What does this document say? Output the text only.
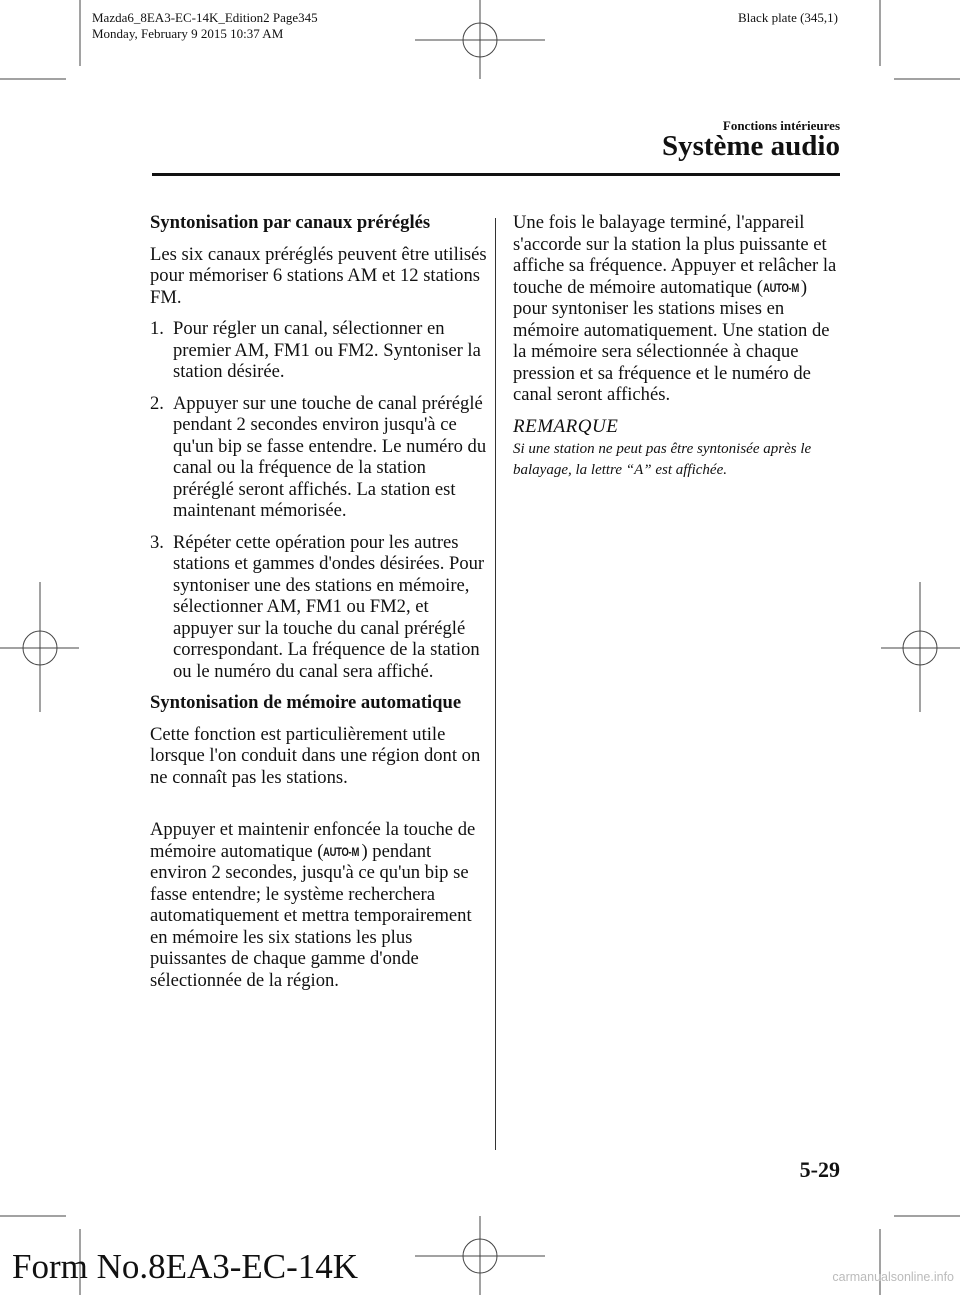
Mazda6_8EA3-EC-14K_Edition2 Page345
Monday, February 9 2015 10:37 AM
Black plate (345,1)
Fonctions intérieures
Système audio

Syntonisation par canaux préréglés

Les six canaux préréglés peuvent être utilisés pour mémoriser 6 stations AM et 12 stations FM.

1. Pour régler un canal, sélectionner en premier AM, FM1 ou FM2. Syntoniser la station désirée.

2. Appuyer sur une touche de canal préréglé pendant 2 secondes environ jusqu'à ce qu'un bip se fasse entendre. Le numéro du canal ou la fréquence de la station préréglé seront affichés. La station est maintenant mémorisée.

3. Répéter cette opération pour les autres stations et gammes d'ondes désirées. Pour syntoniser une des stations en mémoire, sélectionner AM, FM1 ou FM2, et appuyer sur la touche du canal préréglé correspondant. La fréquence de la station ou le numéro du canal sera affiché.

Syntonisation de mémoire automatique

Cette fonction est particulièrement utile lorsque l'on conduit dans une région dont on ne connaît pas les stations.

Appuyer et maintenir enfoncée la touche de mémoire automatique (AUTO-M ) pendant environ 2 secondes, jusqu'à ce qu'un bip se fasse entendre; le système recherchera automatiquement et mettra temporairement en mémoire les six stations les plus puissantes de chaque gamme d'onde sélectionnée de la région.

Une fois le balayage terminé, l'appareil s'accorde sur la station la plus puissante et affiche sa fréquence. Appuyer et relâcher la touche de mémoire automatique (AUTO-M ) pour syntoniser les stations mises en mémoire automatiquement. Une station de la mémoire sera sélectionnée à chaque pression et sa fréquence et le numéro de canal seront affichés.

REMARQUE

Si une station ne peut pas être syntonisée après le balayage, la lettre “A” est affichée.

5-29
Form No.8EA3-EC-14K	carmanualsonline.info
